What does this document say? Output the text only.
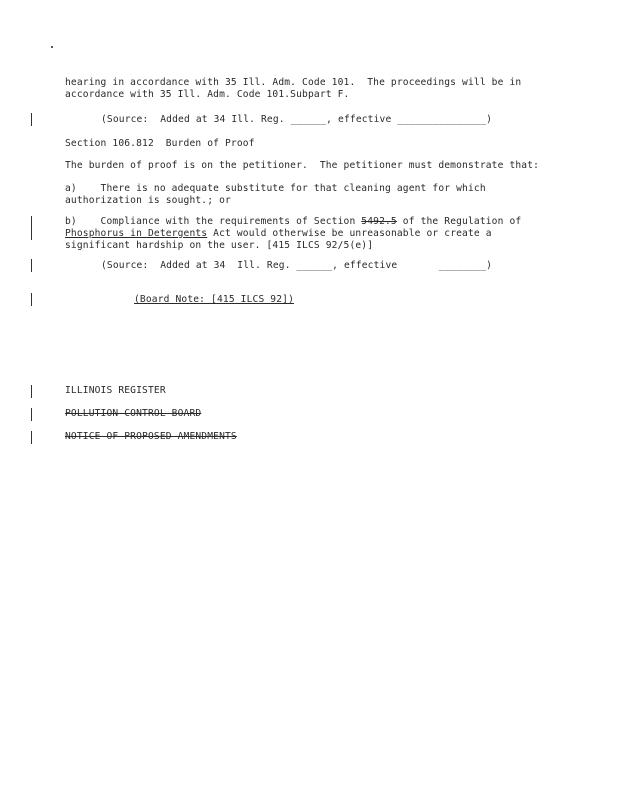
hearing in accordance with 35 Ill. Adm. Code 101.  The proceedings will be in
accordance with 35 Ill. Adm. Code 101.Subpart F.
(Source:  Added at 34 Ill. Reg. ______, effective _______________)
Section 106.812  Burden of Proof
The burden of proof is on the petitioner.  The petitioner must demonstrate that:
a)    There is no adequate substitute for that cleaning agent for which
authorization is sought.; or
b)    Compliance with the requirements of Section 5492.5 of the Regulation of
Phosphorus in Detergents Act would otherwise be unreasonable or create a
significant hardship on the user. [415 ILCS 92/5(e)]
(Source:  Added at 34  Ill. Reg. ______, effective       ________)
(Board Note: [415 ILCS 92])
ILLINOIS REGISTER
POLLUTION CONTROL BOARD
NOTICE OF PROPOSED AMENDMENTS
